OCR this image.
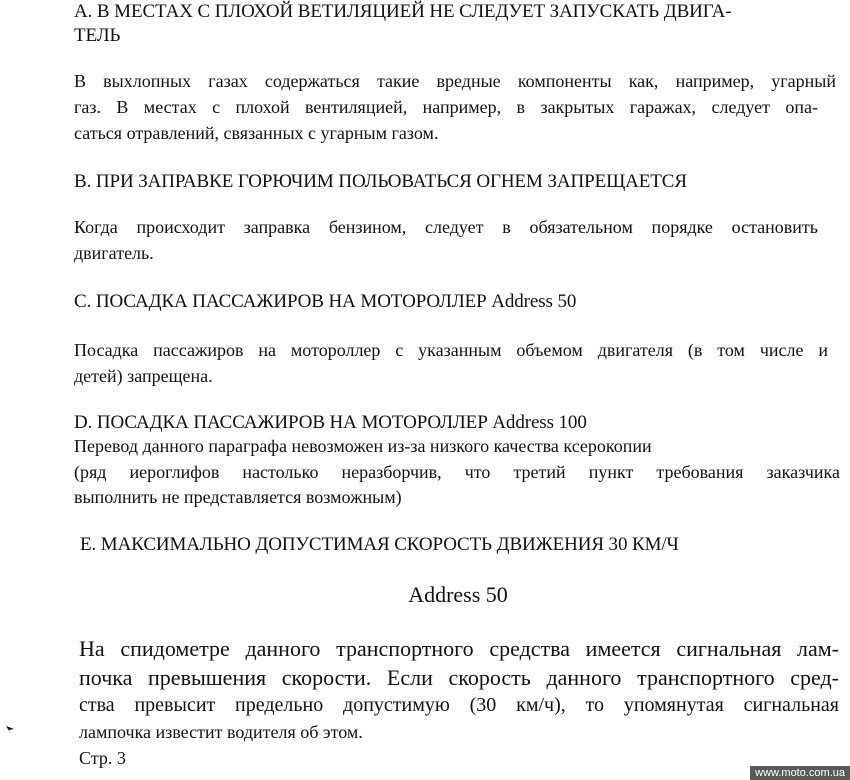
A. В МЕСТАХ С ПЛОХОЙ ВЕТИЛЯЦИЕЙ НЕ СЛЕДУЕТ ЗАПУСКАТЬ ДВИГА-
ТЕЛЬ
В выхлопных газах содержаться такие вредные компоненты как, например, угарный
газ. В местах с плохой вентиляцией, например, в закрытых гаражах, следует опа-
саться отравлений, связанных с угарным газом.
B. ПРИ ЗАПРАВКЕ ГОРЮЧИМ ПОЛЬОВАТЬСЯ ОГНЕМ ЗАПРЕЩАЕТСЯ
Когда происходит заправка бензином, следует в обязательном порядке остановить
двигатель.
C. ПОСАДКА ПАССАЖИРОВ НА МОТОРОЛЛЕР Address 50
Посадка пассажиров на мотороллер с указанным объемом двигателя (в том числе и
детей) запрещена.
D. ПОСАДКА ПАССАЖИРОВ НА МОТОРОЛЛЕР Address 100
Перевод данного параграфа невозможен из-за низкого качества ксерокопии
(ряд иероглифов настолько неразборчив, что третий пункт требования заказчика
выполнить не представляется возможным)
E. МАКСИМАЛЬНО ДОПУСТИМАЯ СКОРОСТЬ ДВИЖЕНИЯ 30 КМ/Ч
Address 50
На спидометре данного транспортного средства имеется сигнальная лам-
почка превышения скорости. Если скорость данного транспортного сред-
ства превысит предельно допустимую (30 км/ч), то упомянутая сигнальная
лампочка известит водителя об этом.
Стр. 3
www.moto.com.ua
